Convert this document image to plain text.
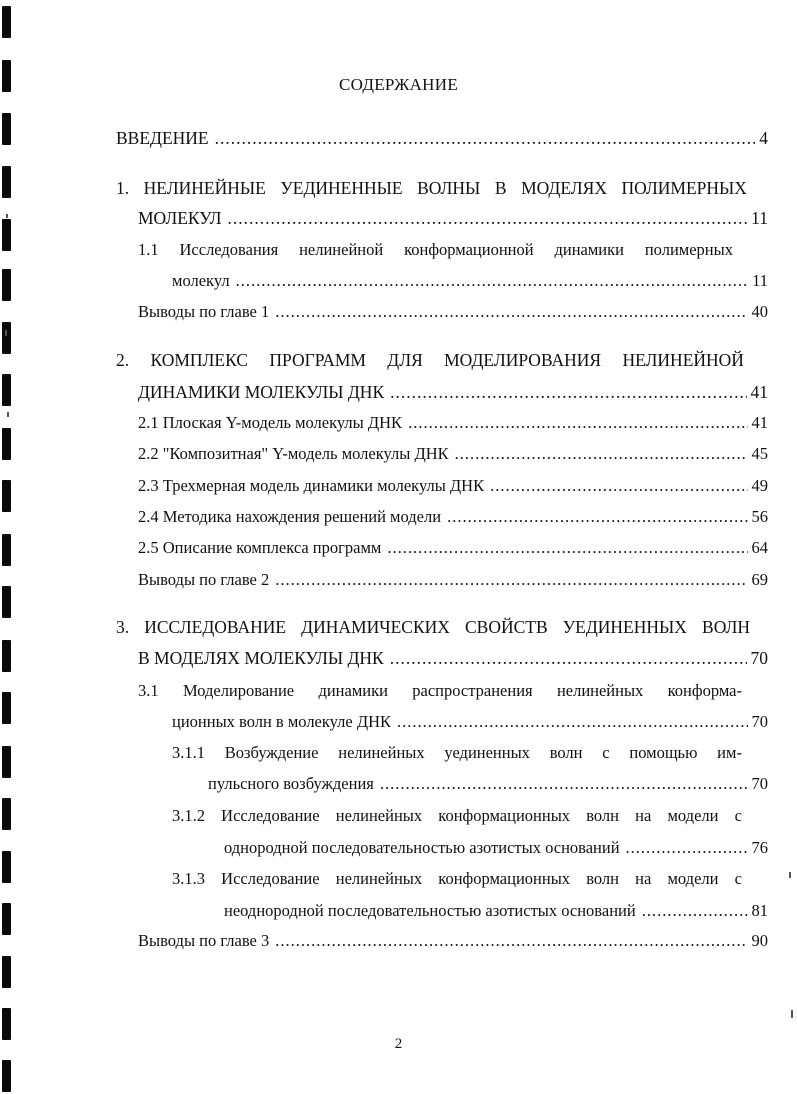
СОДЕРЖАНИЕ
ВВЕДЕНИЕ .....	4
1. НЕЛИНЕЙНЫЕ УЕДИНЕННЫЕ ВОЛНЫ В МОДЕЛЯХ ПОЛИМЕРНЫХ
МОЛЕКУЛ .....	11
1.1 Исследования нелинейной конформационной динамики полимерных
молекул .....	11
Выводы по главе 1 .....	40
2. КОМПЛЕКС ПРОГРАММ ДЛЯ МОДЕЛИРОВАНИЯ НЕЛИНЕЙНОЙ
ДИНАМИКИ МОЛЕКУЛЫ ДНК .....	41
2.1 Плоская Y-модель молекулы ДНК .....	41
2.2 "Композитная" Y-модель молекулы ДНК .....	45
2.3 Трехмерная модель динамики молекулы ДНК .....	49
2.4 Методика нахождения решений модели .....	56
2.5 Описание комплекса программ .....	64
Выводы по главе 2 .....	69
3. ИССЛЕДОВАНИЕ ДИНАМИЧЕСКИХ СВОЙСТВ УЕДИНЕННЫХ ВОЛН
В МОДЕЛЯХ МОЛЕКУЛЫ ДНК .....	70
3.1 Моделирование динамики распространения нелинейных конформа-
ционных волн в молекуле ДНК .....	70
3.1.1 Возбуждение нелинейных уединенных волн с помощью им-
пульсного возбуждения .....	70
3.1.2 Исследование нелинейных конформационных волн на модели с
однородной последовательностью азотистых оснований .....	76
3.1.3 Исследование нелинейных конформационных волн на модели с
неоднородной последовательностью азотистых оснований .....	81
Выводы по главе 3 .....	90
2
